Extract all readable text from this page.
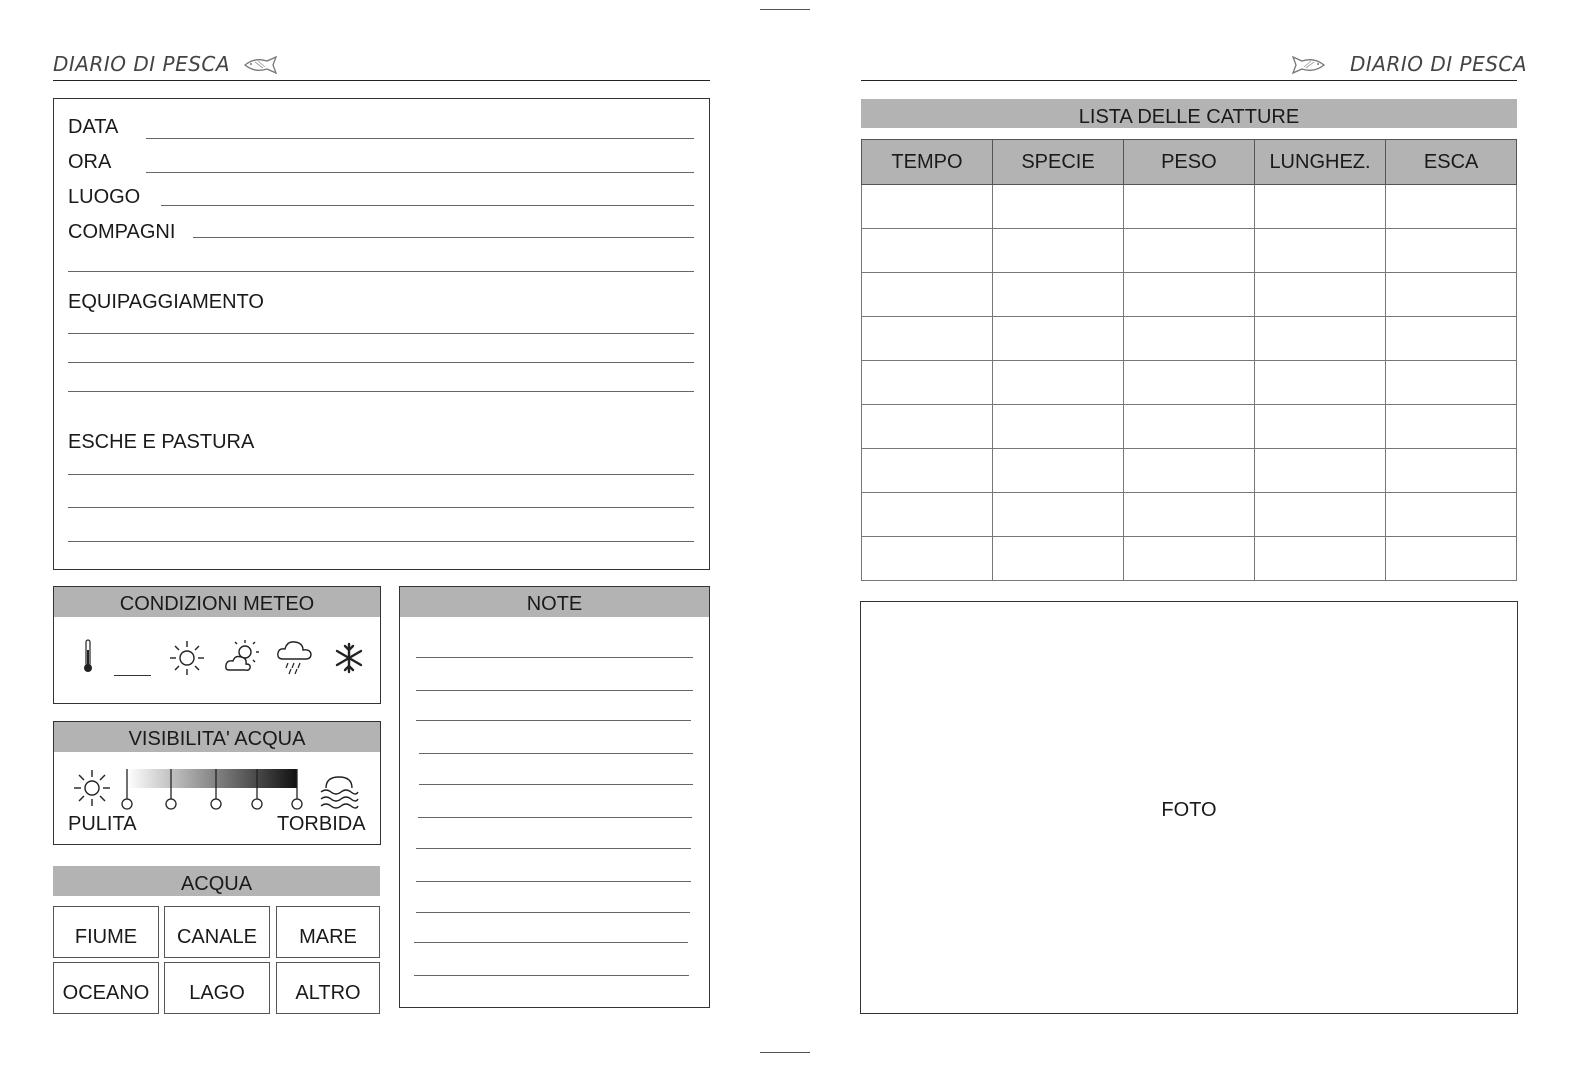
DIARIO DI PESCA
DATA
ORA
LUOGO
COMPAGNI
EQUIPAGGIAMENTO
ESCHE E PASTURA
CONDIZIONI METEO
VISIBILITA' ACQUA
PULITA	TORBIDA
ACQUA
FIUME	CANALE	MARE
OCEANO	LAGO	ALTRO
NOTE
DIARIO DI PESCA
LISTA DELLE CATTURE
TEMPO	SPECIE	PESO	LUNGHEZ.	ESCA

FOTO
